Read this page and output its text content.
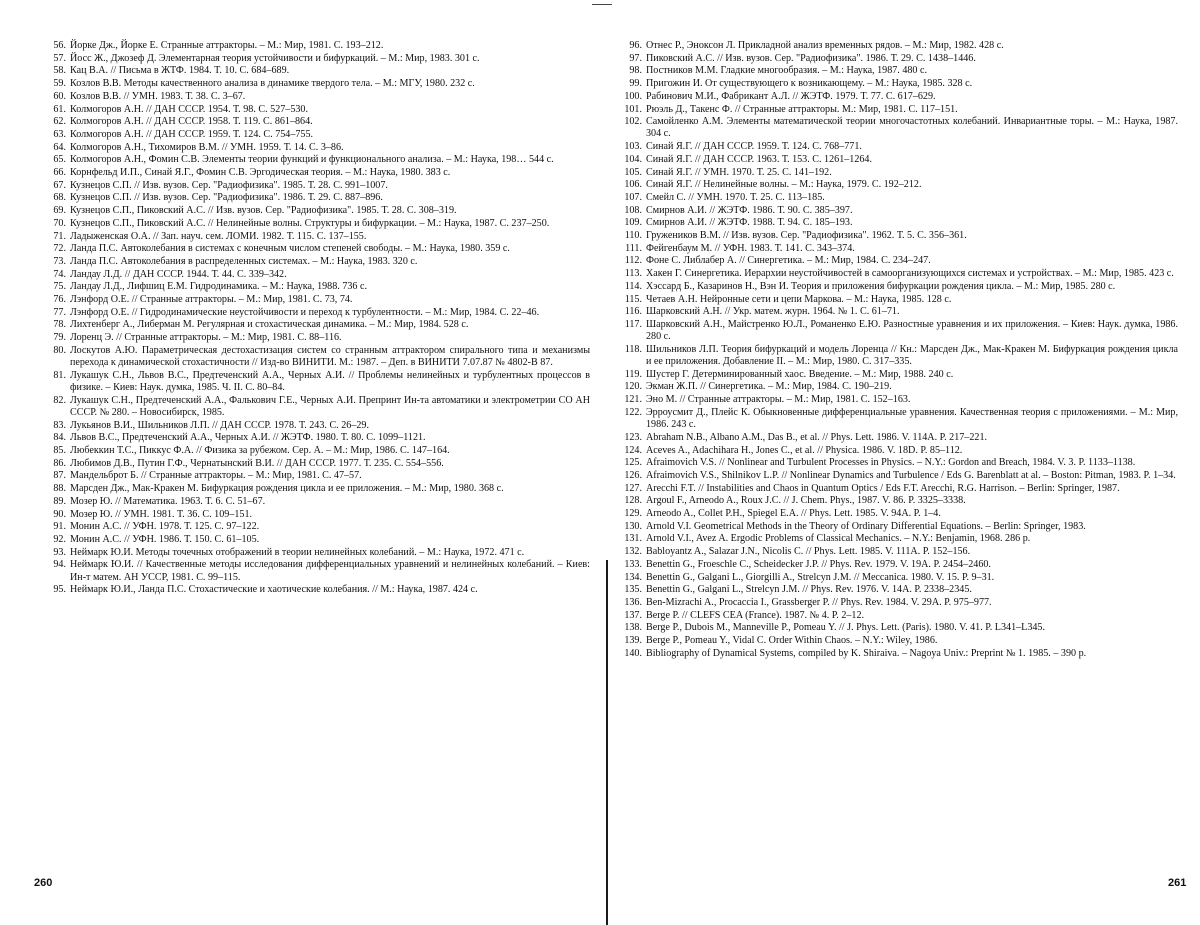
56. Йорке Дж., Йорке Е. Странные аттракторы. – М.: Мир, 1981. С. 193–212.
57. Йосс Ж., Джозеф Д. Элементарная теория устойчивости и бифуркаций. – М.: Мир, 1983. 301 с.
58. Кац В.А. // Письма в ЖТФ. 1984. Т. 10. С. 684–689.
59. Козлов В.В. Методы качественного анализа в динамике твердого тела. – М.: МГУ, 1980. 232 с.
60. Козлов В.В. // УМН. 1983. Т. 38. С. 3–67.
61. Колмогоров А.Н. // ДАН СССР. 1954. Т. 98. С. 527–530.
62. Колмогоров А.Н. // ДАН СССР. 1958. Т. 119. С. 861–864.
63. Колмогоров А.Н. // ДАН СССР. 1959. Т. 124. С. 754–755.
64. Колмогоров А.Н., Тихомиров В.М. // УМН. 1959. Т. 14. С. 3–86.
65. Колмогоров А.Н., Фомин С.В. Элементы теории функций и функционального анализа. – М.: Наука, 198… 544 с.
66. Корнфельд И.П., Синай Я.Г., Фомин С.В. Эргодическая теория. – М.: Наука, 1980. 383 с.
67. Кузнецов С.П. // Изв. вузов. Сер. "Радиофизика". 1985. Т. 28. С. 991–1007.
68. Кузнецов С.П. // Изв. вузов. Сер. "Радиофизика". 1986. Т. 29. С. 887–896.
69. Кузнецов С.П., Пиковский А.С. // Изв. вузов. Сер. "Радиофизика". 1985. Т. 28. С. 308–319.
70. Кузнецов С.П., Пиковский А.С. // Нелинейные волны. Структуры и бифуркации. – М.: Наука, 1987. С. 237–250.
71. Ладыженская О.А. // Зап. науч. сем. ЛОМИ. 1982. Т. 115. С. 137–155.
72. Ланда П.С. Автоколебания в системах с конечным числом степеней свободы. – М.: Наука, 1980. 359 с.
73. Ланда П.С. Автоколебания в распределенных системах. – М.: Наука, 1983. 320 с.
74. Ландау Л.Д. // ДАН СССР. 1944. Т. 44. С. 339–342.
75. Ландау Л.Д., Лифшиц Е.М. Гидродинамика. – М.: Наука, 1988. 736 с.
76. Лэнфорд О.Е. // Странные аттракторы. – М.: Мир, 1981. С. 73, 74.
77. Лэнфорд О.Е. // Гидродинамические неустойчивости и переход к турбулентности. – М.: Мир, 1984. С. 22–46.
78. Лихтенберг А., Либерман М. Регулярная и стохастическая динамика. – М.: Мир, 1984. 528 с.
79. Лоренц Э. // Странные аттракторы. – М.: Мир, 1981. С. 88–116.
80. Лоскутов А.Ю. Параметрическая дестохастизация систем со странным аттрактором спирального типа и механизмы перехода к динамической стохастичности // Изд-во ВИНИТИ. М.: 1987. – Деп. в ВИНИТИ 7.07.87 № 4802-В 87.
81. Лукашук С.Н., Львов В.С., Предтеченский А.А., Черных А.И. // Проблемы нелинейных и турбулентных процессов в физике. – Киев: Наук. думка, 1985. Ч. II. С. 80–84.
82. Лукашук С.Н., Предтеченский А.А., Фалькович Г.Е., Черных А.И. Препринт Ин-та автоматики и электрометрии СО АН СССР. № 280. – Новосибирск, 1985.
83. Лукьянов В.И., Шильников Л.П. // ДАН СССР. 1978. Т. 243. С. 26–29.
84. Львов В.С., Предтеченский А.А., Черных А.И. // ЖЭТФ. 1980. Т. 80. С. 1099–1121.
85. Любеккин Т.С., Пиккус Ф.А. // Физика за рубежом. Сер. А. – М.: Мир, 1986. С. 147–164.
86. Любимов Д.В., Путин Г.Ф., Чернатынский В.И. // ДАН СССР. 1977. Т. 235. С. 554–556.
87. Мандельброт Б. // Странные аттракторы. – М.: Мир, 1981. С. 47–57.
88. Марсден Дж., Мак-Кракен М. Бифуркация рождения цикла и ее приложения. – М.: Мир, 1980. 368 с.
89. Мозер Ю. // Математика. 1963. Т. 6. С. 51–67.
90. Мозер Ю. // УМН. 1981. Т. 36. С. 109–151.
91. Монин А.С. // УФН. 1978. Т. 125. С. 97–122.
92. Монин А.С. // УФН. 1986. Т. 150. С. 61–105.
93. Неймарк Ю.И. Методы точечных отображений в теории нелинейных колебаний. – М.: Наука, 1972. 471 с.
94. Неймарк Ю.И. // Качественные методы исследования дифференциальных уравнений и нелинейных колебаний. – Киев: Ин-т матем. АН УССР, 1981. С. 99–115.
95. Неймарк Ю.И., Ланда П.С. Стохастические и хаотические колебания. // М.: Наука, 1987. 424 с.
96. Отнес Р., Эноксон Л. Прикладной анализ временных рядов. – М.: Мир, 1982. 428 с.
97. Пиковский А.С. // Изв. вузов. Сер. "Радиофизика". 1986. Т. 29. С. 1438–1446.
98. Постников М.М. Гладкие многообразия. – М.: Наука, 1987. 480 с.
99. Пригожин И. От существующего к возникающему. – М.: Наука, 1985. 328 с.
100. Рабинович М.И., Фабрикант А.Л. // ЖЭТФ. 1979. Т. 77. С. 617–629.
101. Рюэль Д., Такенс Ф. // Странные аттракторы. М.: Мир, 1981. С. 117–151.
102. Самойленко А.М. Элементы математической теории многочастотных колебаний. Инвариантные торы. – М.: Наука, 1987. 304 с.
103. Синай Я.Г. // ДАН СССР. 1959. Т. 124. С. 768–771.
104. Синай Я.Г. // ДАН СССР. 1963. Т. 153. С. 1261–1264.
105. Синай Я.Г. // УМН. 1970. Т. 25. С. 141–192.
106. Синай Я.Г. // Нелинейные волны. – М.: Наука, 1979. С. 192–212.
107. Смейл С. // УМН. 1970. Т. 25. С. 113–185.
108. Смирнов А.И. // ЖЭТФ. 1986. Т. 90. С. 385–397.
109. Смирнов А.И. // ЖЭТФ. 1988. Т. 94. С. 185–193.
110. Гружеников В.М. // Изв. вузов. Сер. "Радиофизика". 1962. Т. 5. С. 356–361.
111. Фейгенбаум М. // УФН. 1983. Т. 141. С. 343–374.
112. Фоне С. Либлабер А. // Синергетика. – М.: Мир, 1984. С. 234–247.
113. Хакен Г. Синергетика. Иерархии неустойчивостей в самоорганизующихся системах и устройствах. – М.: Мир, 1985. 423 с.
114. Хэссард Б., Казаринов Н., Вэн И. Теория и приложения бифуркации рождения цикла. – М.: Мир, 1985. 280 с.
115. Четаев А.Н. Нейронные сети и цепи Маркова. – М.: Наука, 1985. 128 с.
116. Шарковский А.Н. // Укр. матем. журн. 1964. № 1. С. 61–71.
117. Шарковский А.Н., Майстренко Ю.Л., Романенко Е.Ю. Разностные уравнения и их приложения. – Киев: Наук. думка, 1986. 280 с.
118. Шильников Л.П. Теория бифуркаций и модель Лоренца // Кн.: Марсден Дж., Мак-Кракен М. Бифуркация рождения цикла и ее приложения. Добавление II. – М.: Мир, 1980. С. 317–335.
119. Шустер Г. Детерминированный хаос. Введение. – М.: Мир, 1988. 240 с.
120. Экман Ж.П. // Синергетика. – М.: Мир, 1984. С. 190–219.
121. Эно М. // Странные аттракторы. – М.: Мир, 1981. С. 152–163.
122. Эрроусмит Д., Плейс К. Обыкновенные дифференциальные уравнения. Качественная теория с приложениями. – М.: Мир, 1986. 243 с.
123. Abraham N.B., Albano A.M., Das B., et al. // Phys. Lett. 1986. V. 114A. P. 217–221.
124. Aceves A., Adachihara H., Jones C., et al. // Physica. 1986. V. 18D. P. 85–112.
125. Afraimovich V.S. // Nonlinear and Turbulent Processes in Physics. – N.Y.: Gordon and Breach, 1984. V. 3. P. 1133–1138.
126. Afraimovich V.S., Shilnikov L.P. // Nonlinear Dynamics and Turbulence / Eds G. Barenblatt at al. – Boston: Pitman, 1983. P. 1–34.
127. Arecchi F.T. // Instabilities and Chaos in Quantum Optics / Eds F.T. Arecchi, R.G. Harrison. – Berlin: Springer, 1987.
128. Argoul F., Arneodo A., Roux J.C. // J. Chem. Phys., 1987. V. 86. P. 3325–3338.
129. Arneodo A., Collet P.H., Spiegel E.A. // Phys. Lett. 1985. V. 94A. P. 1–4.
130. Arnold V.I. Geometrical Methods in the Theory of Ordinary Differential Equations. – Berlin: Springer, 1983.
131. Arnold V.I., Avez A. Ergodic Problems of Classical Mechanics. – N.Y.: Benjamin, 1968. 286 p.
132. Babloyantz A., Salazar J.N., Nicolis C. // Phys. Lett. 1985. V. 111A. P. 152–156.
133. Benettin G., Froeschle C., Scheidecker J.P. // Phys. Rev. 1979. V. 19A. P. 2454–2460.
134. Benettin G., Galgani L., Giorgilli A., Strelcyn J.M. // Meccanica. 1980. V. 15. P. 9–31.
135. Benettin G., Galgani L., Strelcyn J.M. // Phys. Rev. 1976. V. 14A. P. 2338–2345.
136. Ben-Mizrachi A., Procaccia I., Grassberger P. // Phys. Rev. 1984. V. 29A. P. 975–977.
137. Berge P. // CLEFS CEA (France). 1987. № 4. P. 2–12.
138. Berge P., Dubois M., Manneville P., Pomeau Y. // J. Phys. Lett. (Paris). 1980. V. 41. P. L341–L345.
139. Berge P., Pomeau Y., Vidal C. Order Within Chaos. – N.Y.: Wiley, 1986.
140. Bibliography of Dynamical Systems, compiled by K. Shiraiva. – Nagoya Univ.: Preprint № 1. 1985. – 390 p.
260	261
